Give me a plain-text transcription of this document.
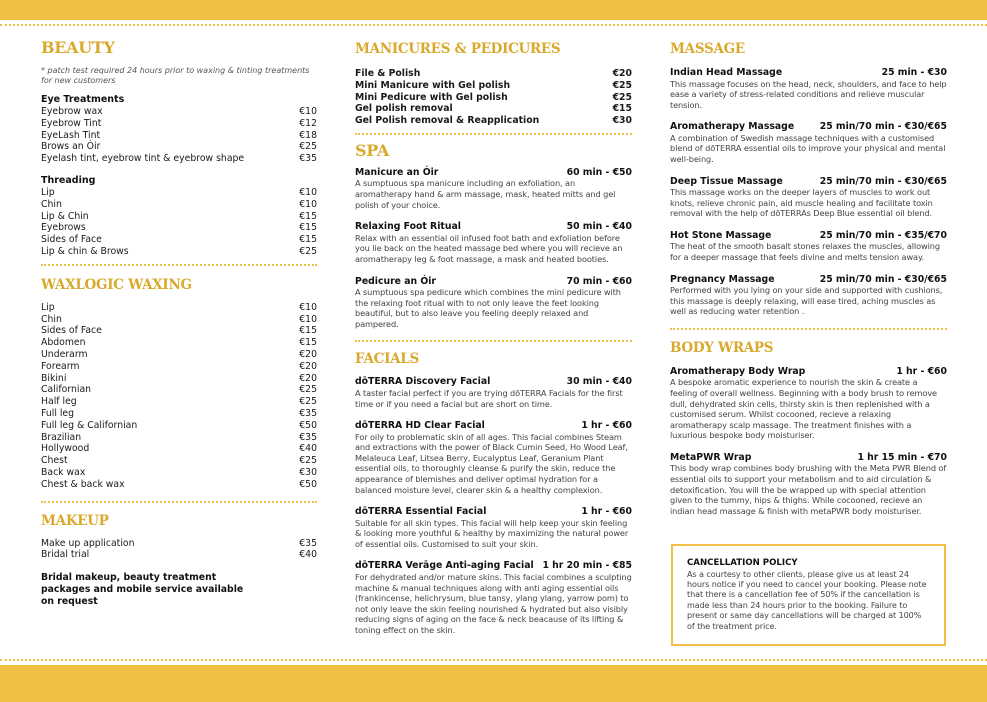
BEAUTY
* patch test required 24 hours prior to waxing & tinting treatments for new customers
Eye Treatments
Eyebrow wax	€10
Eyebrow Tint	€12
EyeLash Tint	€18
Brows an Óir	€25
Eyelash tint, eyebrow tint & eyebrow shape	€35
Threading
Lip	€10
Chin	€10
Lip & Chin	€15
Eyebrows	€15
Sides of Face	€15
Lip & chin & Brows	€25
WAXLOGIC WAXING
Lip	€10
Chin	€10
Sides of Face	€15
Abdomen	€15
Underarm	€20
Forearm	€20
Bikini	€20
Californian	€25
Half leg	€25
Full leg	€35
Full leg & Californian	€50
Brazilian	€35
Hollywood	€40
Chest	€25
Back wax	€30
Chest & back wax	€50
MAKEUP
Make up application	€35
Bridal trial	€40
Bridal makeup, beauty treatment packages and mobile service available on request
MANICURES & PEDICURES
File & Polish	€20
Mini Manicure with Gel polish	€25
Mini Pedicure with Gel polish	€25
Gel polish removal	€15
Gel Polish removal & Reapplication	€30
SPA
Manicure an Óir	60 min - €50
A sumptuous spa manicure including an exfoliation, an aromatherapy hand & arm massage, mask, heated mitts and gel polish of your choice.
Relaxing Foot Ritual	50 min - €40
Relax with an essential oil infused foot bath and exfoliation before you lie back on the heated massage bed where you will recieve an aromatherapy leg & foot massage, a mask and heated booties.
Pedicure an Óir	70 min - €60
A sumptuous spa pedicure which combines the mini pedicure with the relaxing foot ritual with to not only leave the feet looking beautiful, but to also leave you feeling deeply relaxed and pampered.
FACIALS
dōTERRA Discovery Facial	30 min - €40
A taster facial perfect if you are trying dōTERRA Facials for the first time or if you need a facial but are short on time.
dōTERRA HD Clear Facial	1 hr - €60
For oily to problematic skin of all ages. This facial combines Steam and extractions with the power of Black Cumin Seed, Ho Wood Leaf, Melaleuca Leaf, Litsea Berry, Eucalyptus Leaf, Geranium Plant essential oils, to thoroughly cleanse & purify the skin, reduce the appearance of blemishes and deliver optimal hydration for a balanced moisture level, clearer skin & a healthy complexion.
dōTERRA Essential Facial	1 hr - €60
Suitable for all skin types. This facial will help keep your skin feeling & looking more youthful & healthy by maximizing the natural power of essential oils. Customised to suit your skin.
dōTERRA Verāge Anti-aging Facial 1 hr 20 min - €85
For dehydrated and/or mature skins. This facial combines a sculpting machine & manual techniques along with anti aging essential oils (frankincense, helichrysum, blue tansy, ylang ylang, yarrow pom) to not only leave the skin feeling nourished & hydrated but also visibly reducing signs of aging on the face & neck beacause of its lifting & toning effect on the skin.
MASSAGE
Indian Head Massage	25 min - €30
This massage focuses on the head, neck, shoulders, and face to help ease a variety of stress-related conditions and relieve muscular tension.
Aromatherapy Massage	25 min/70 min - €30/€65
A combination of Swedish massage techniques with a customised blend of dōTERRA essential oils to improve your physical and mental well-being.
Deep Tissue Massage	25 min/70 min - €30/€65
This massage works on the deeper layers of muscles to work out knots, relieve chronic pain, aid muscle healing and facilitate toxin removal with the help of dōTERRAs Deep Blue essential oil blend.
Hot Stone Massage	25 min/70 min - €35/€70
The heat of the smooth basalt stones relaxes the muscles, allowing for a deeper massage that feels divine and melts tension away.
Pregnancy Massage	25 min/70 min - €30/€65
Performed with you lying on your side and supported with cushions, this massage is deeply relaxing, will ease tired, aching muscles as well as reducing water retention .
BODY WRAPS
Aromatherapy Body Wrap	1 hr - €60
A bespoke aromatic experience to nourish the skin & create a feeling of overall wellness. Beginning with a body brush to remove dull, dehydrated skin cells, thirsty skin is then replenished with a customised serum. Whilst cocooned, recieve a relaxing aromatherapy scalp massage. The treatment finishes with a luxurious bespoke body moisturiser.
MetaPWR Wrap	1 hr 15 min - €70
This body wrap combines body brushing with the Meta PWR Blend of essential oils to support your metabolism and to aid circulation & detoxification. You will the be wrapped up with special attention given to the tummy, hips & thighs. While cocooned, recieve an indian head massage & finish with metaPWR body moisturiser.
CANCELLATION POLICY
As a courtesy to other clients, please give us at least 24 hours notice if you need to cancel your booking. Please note that there is a cancellation fee of 50% if the cancellation is made less than 24 hours prior to the booking. Failure to present or same day cancellations will be charged at 100% of the treatment price.
